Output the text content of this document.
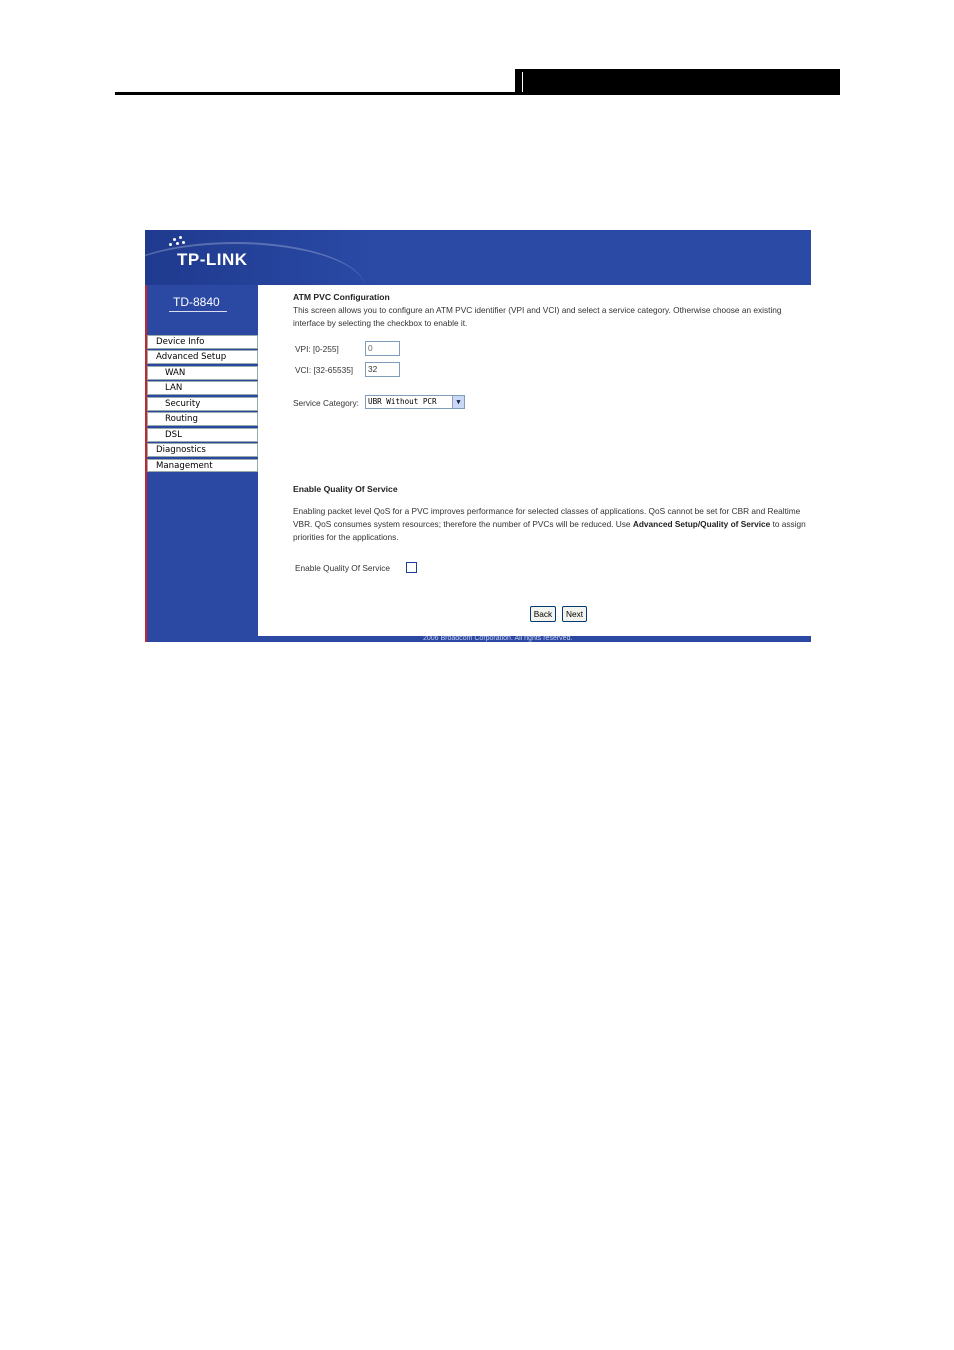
TP-LINK
TD-8840
Device Info
Advanced Setup
WAN
LAN
Security
Routing
DSL
Diagnostics
Management
ATM PVC Configuration
This screen allows you to configure an ATM PVC identifier (VPI and VCI) and select a service category. Otherwise choose an existing interface by selecting the checkbox to enable it.
VPI: [0-255]	0
VCI: [32-65535]	32
Service Category:	UBR Without PCR	▼
Enable Quality Of Service
Enabling packet level QoS for a PVC improves performance for selected classes of applications. QoS cannot be set for CBR and Realtime VBR. QoS consumes system resources; therefore the number of PVCs will be reduced. Use Advanced Setup/Quality of Service to assign priorities for the applications.
Enable Quality Of Service
Back	Next
2006 Broadcom Corporation. All rights reserved.
